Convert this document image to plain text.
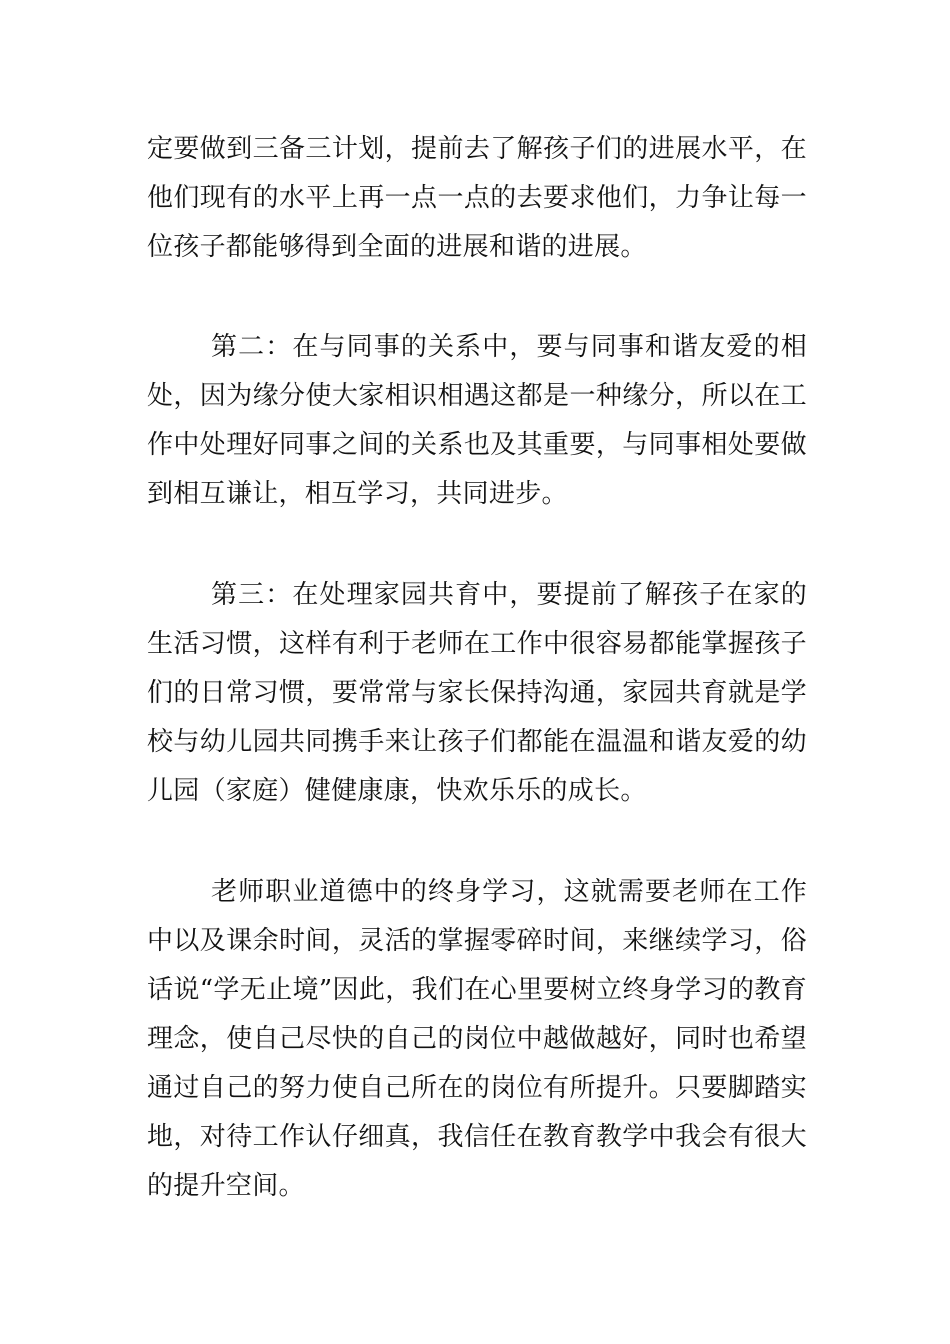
定要做到三备三计划，提前去了解孩子们的进展水平，在他们现有的水平上再一点一点的去要求他们，力争让每一位孩子都能够得到全面的进展和谐的进展。

第二：在与同事的关系中，要与同事和谐友爱的相处，因为缘分使大家相识相遇这都是一种缘分，所以在工作中处理好同事之间的关系也及其重要，与同事相处要做到相互谦让，相互学习，共同进步。

第三：在处理家园共育中，要提前了解孩子在家的生活习惯，这样有利于老师在工作中很容易都能掌握孩子们的日常习惯，要常常与家长保持沟通，家园共育就是学校与幼儿园共同携手来让孩子们都能在温温和谐友爱的幼儿园（家庭）健健康康，快欢乐乐的成长。

老师职业道德中的终身学习，这就需要老师在工作中以及课余时间，灵活的掌握零碎时间，来继续学习，俗话说“学无止境”因此，我们在心里要树立终身学习的教育理念，使自己尽快的自己的岗位中越做越好，同时也希望通过自己的努力使自己所在的岗位有所提升。只要脚踏实地，对待工作认仔细真，我信任在教育教学中我会有很大的提升空间。
